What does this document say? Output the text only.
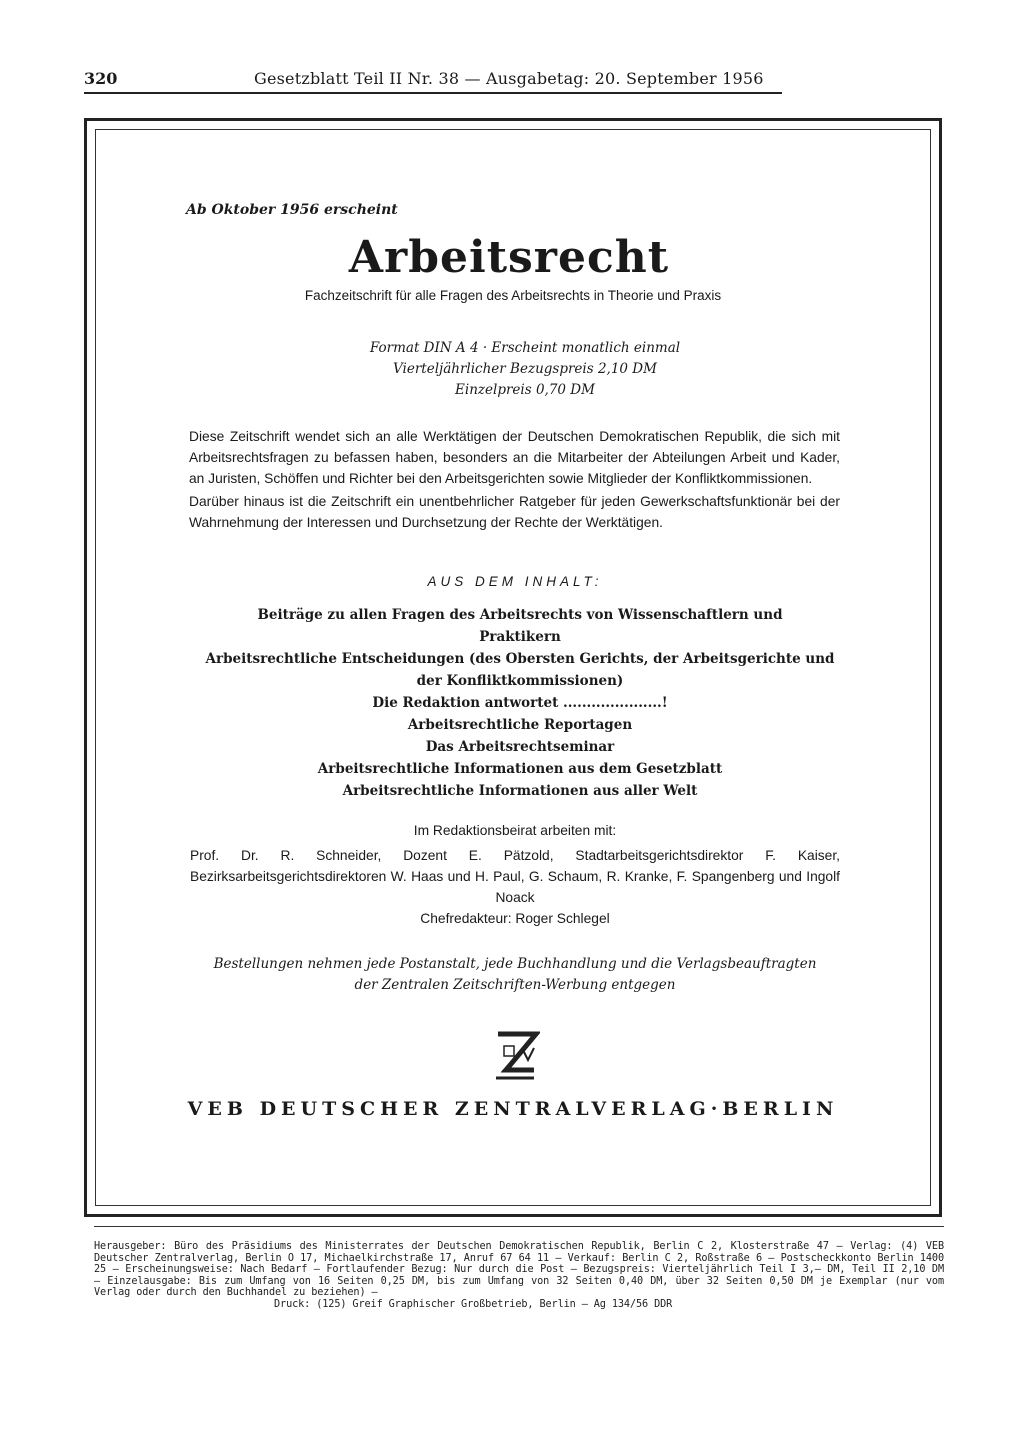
320	Gesetzblatt Teil II Nr. 38 — Ausgabetag: 20. September 1956
Ab Oktober 1956 erscheint
Arbeitsrecht
Fachzeitschrift für alle Fragen des Arbeitsrechts in Theorie und Praxis
Format DIN A 4 · Erscheint monatlich einmal
Vierteljährlicher Bezugspreis 2,10 DM
Einzelpreis 0,70 DM

Diese Zeitschrift wendet sich an alle Werktätigen der Deutschen Demokratischen Republik, die sich mit Arbeitsrechtsfragen zu befassen haben, besonders an die Mitarbeiter der Abteilungen Arbeit und Kader, an Juristen, Schöffen und Richter bei den Arbeitsgerichten sowie Mitglieder der Konfliktkommissionen.

Darüber hinaus ist die Zeitschrift ein unentbehrlicher Ratgeber für jeden Gewerkschaftsfunktionär bei der Wahrnehmung der Interessen und Durchsetzung der Rechte der Werktätigen.

AUS DEM INHALT:
Beiträge zu allen Fragen des Arbeitsrechts von Wissenschaftlern und Praktikern
Arbeitsrechtliche Entscheidungen (des Obersten Gerichts, der Arbeitsgerichte und der Konfliktkommissionen)
Die Redaktion antwortet .....................!
Arbeitsrechtliche Reportagen
Das Arbeitsrechtseminar
Arbeitsrechtliche Informationen aus dem Gesetzblatt
Arbeitsrechtliche Informationen aus aller Welt
Im Redaktionsbeirat arbeiten mit:
Prof. Dr. R. Schneider, Dozent E. Pätzold, Stadtarbeitsgerichtsdirektor F. Kaiser, Bezirksarbeitsgerichtsdirektoren W. Haas und H. Paul, G. Schaum, R. Kranke, F. Spangenberg und Ingolf Noack
Chefredakteur: Roger Schlegel
Bestellungen nehmen jede Postanstalt, jede Buchhandlung und die Verlagsbeauftragten
der Zentralen Zeitschriften-Werbung entgegen
VEB DEUTSCHER ZENTRALVERLAG·BERLIN
Herausgeber: Büro des Präsidiums des Ministerrates der Deutschen Demokratischen Republik, Berlin C 2, Klosterstraße 47 — Verlag: (4) VEB Deutscher Zentralverlag, Berlin O 17, Michaelkirchstraße 17, Anruf 67 64 11 — Verkauf: Berlin C 2, Roßstraße 6 — Postscheckkonto Berlin 1400 25 — Erscheinungsweise: Nach Bedarf — Fortlaufender Bezug: Nur durch die Post — Bezugspreis: Vierteljährlich Teil I 3,— DM, Teil II 2,10 DM — Einzelausgabe: Bis zum Umfang von 16 Seiten 0,25 DM, bis zum Umfang von 32 Seiten 0,40 DM, über 32 Seiten 0,50 DM je Exemplar (nur vom Verlag oder durch den Buchhandel zu beziehen) —
Druck: (125) Greif Graphischer Großbetrieb, Berlin — Ag 134/56 DDR
